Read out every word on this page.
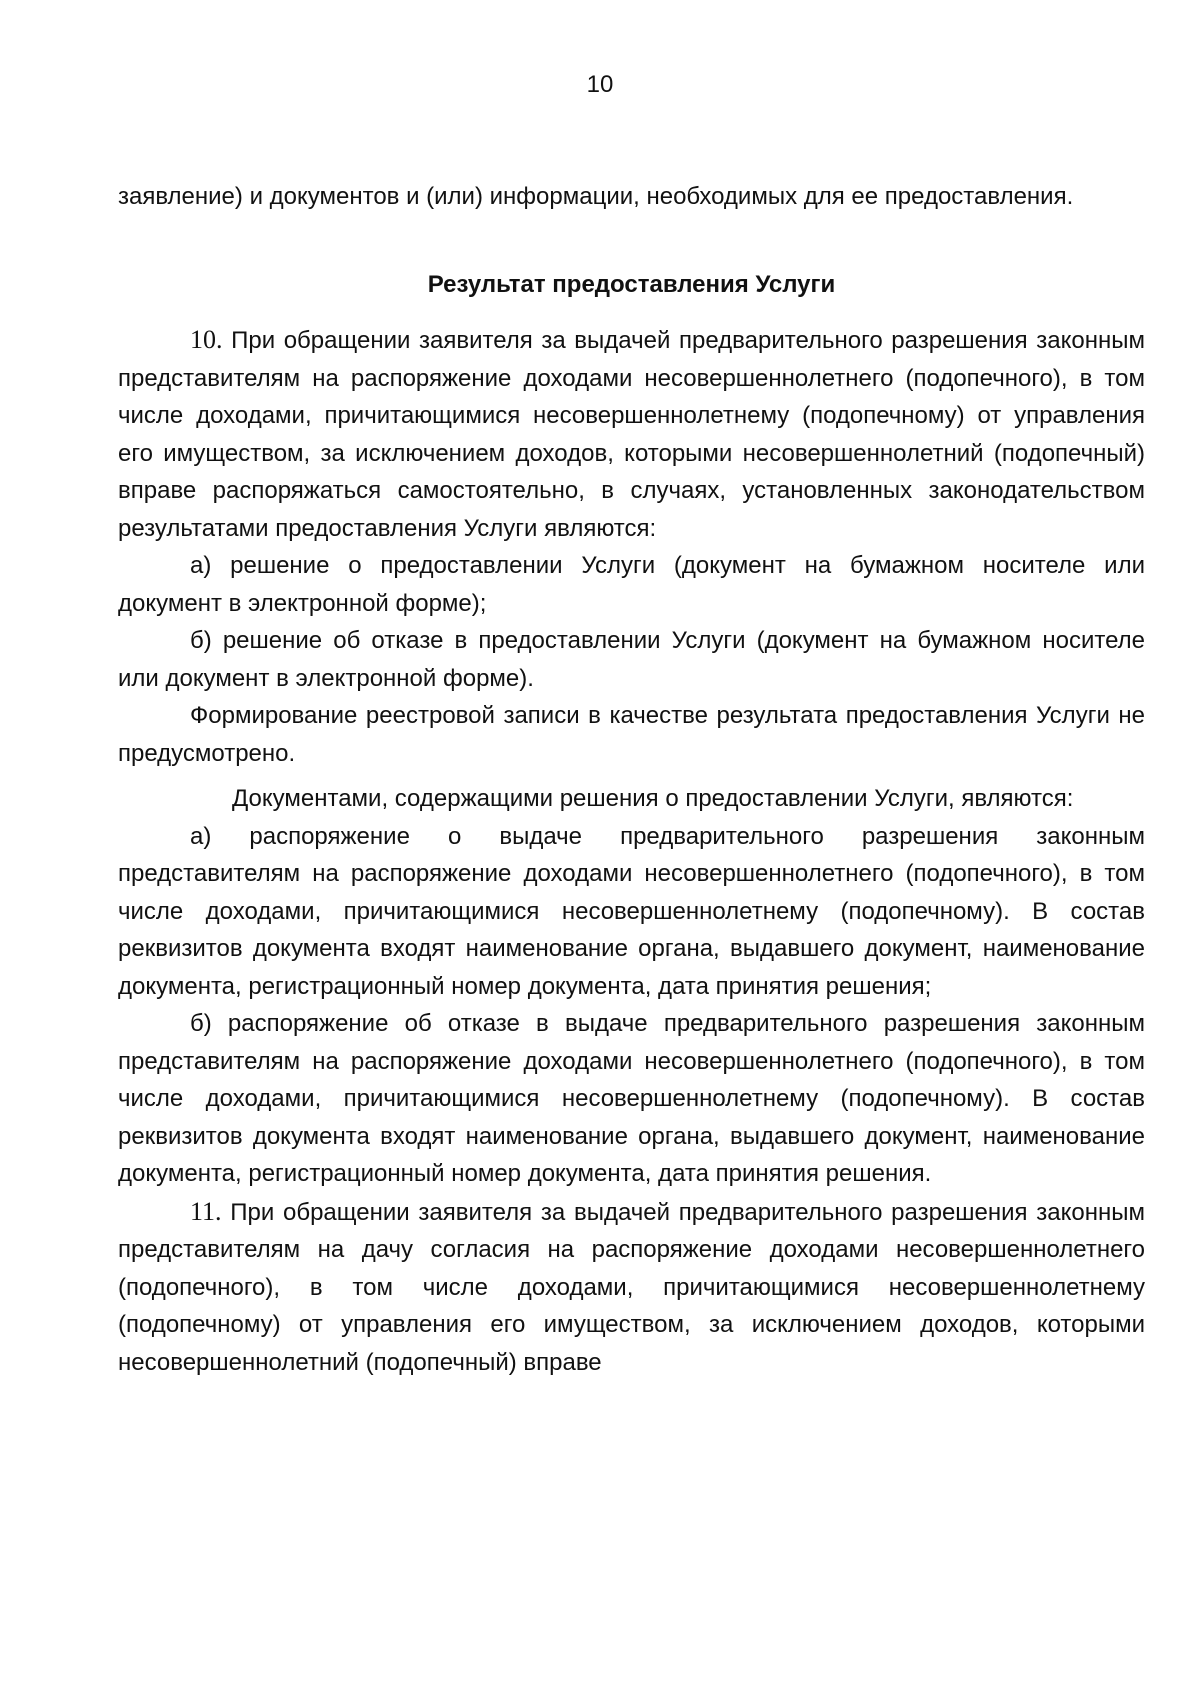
10

заявление) и документов и (или) информации, необходимых для ее предоставления.

Результат предоставления Услуги

10. При обращении заявителя за выдачей предварительного разрешения законным представителям на распоряжение доходами несовершеннолетнего (подопечного), в том числе доходами, причитающимися несовершеннолетнему (подопечному) от управления его имуществом, за исключением доходов, которыми несовершеннолетний (подопечный) вправе распоряжаться самостоятельно, в случаях, установленных законодательством результатами предоставления Услуги являются:

а) решение о предоставлении Услуги (документ на бумажном носителе или документ в электронной форме);

б) решение об отказе в предоставлении Услуги (документ на бумажном носителе или документ в электронной форме).

Формирование реестровой записи в качестве результата предоставления Услуги не предусмотрено.

Документами, содержащими решения о предоставлении Услуги, являются:

а) распоряжение о выдаче предварительного разрешения законным представителям на распоряжение доходами несовершеннолетнего (подопечного), в том числе доходами, причитающимися несовершеннолетнему (подопечному). В состав реквизитов документа входят наименование органа, выдавшего документ, наименование документа, регистрационный номер документа, дата принятия решения;

б) распоряжение об отказе в выдаче предварительного разрешения законным представителям на распоряжение доходами несовершеннолетнего (подопечного), в том числе доходами, причитающимися несовершеннолетнему (подопечному). В состав реквизитов документа входят наименование органа, выдавшего документ, наименование документа, регистрационный номер документа, дата принятия решения.

11. При обращении заявителя за выдачей предварительного разрешения законным представителям на дачу согласия на распоряжение доходами несовершеннолетнего (подопечного), в том числе доходами, причитающимися несовершеннолетнему (подопечному) от управления его имуществом, за исключением доходов, которыми несовершеннолетний (подопечный) вправе
